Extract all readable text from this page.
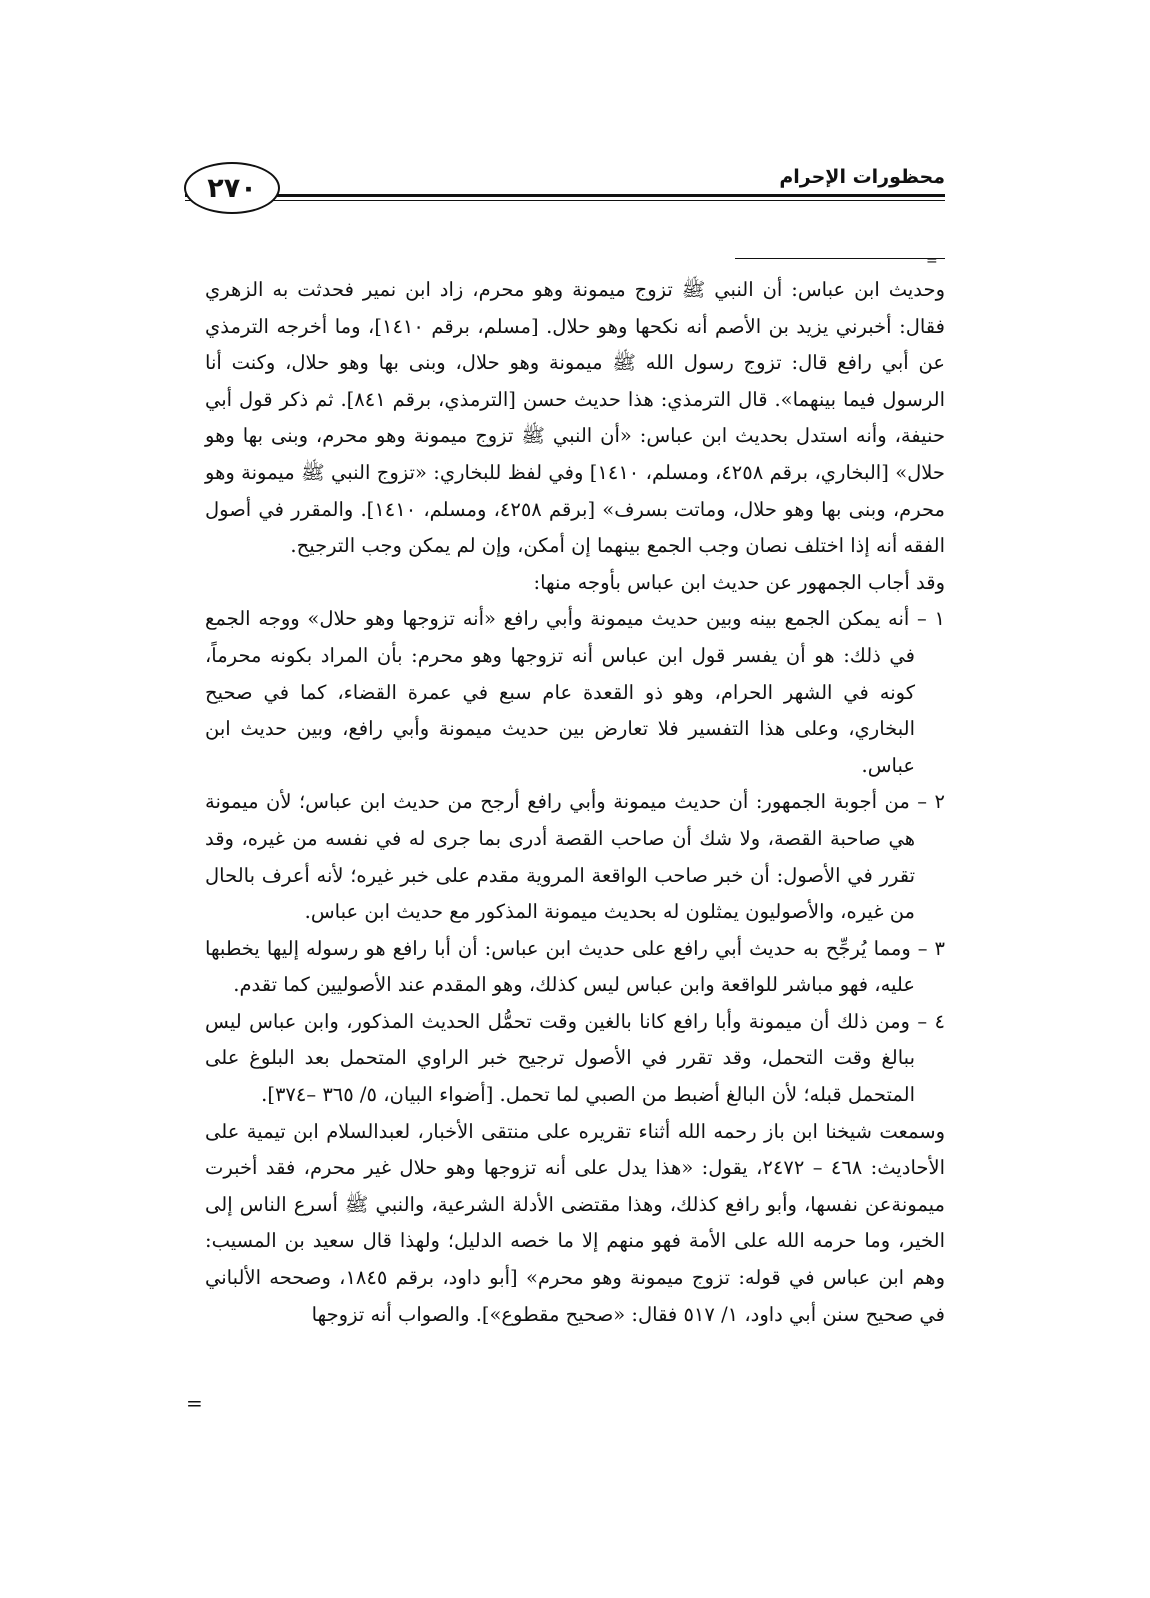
محظورات الإحرام
٢٧٠
=

وحديث ابن عباس: أن النبي ﷺ تزوج ميمونة وهو محرم، زاد ابن نمير فحدثت به الزهري فقال: أخبرني يزيد بن الأصم أنه نكحها وهو حلال. [مسلم، برقم ١٤١٠]، وما أخرجه الترمذي عن أبي رافع قال: تزوج رسول الله ﷺ ميمونة وهو حلال، وبنى بها وهو حلال، وكنت أنا الرسول فيما بينهما». قال الترمذي: هذا حديث حسن [الترمذي، برقم ٨٤١]. ثم ذكر قول أبي حنيفة، وأنه استدل بحديث ابن عباس: «أن النبي ﷺ تزوج ميمونة وهو محرم، وبنى بها وهو حلال» [البخاري، برقم ٤٢٥٨، ومسلم، ١٤١٠] وفي لفظ للبخاري: «تزوج النبي ﷺ ميمونة وهو محرم، وبنى بها وهو حلال، وماتت بسرف» [برقم ٤٢٥٨، ومسلم، ١٤١٠]. والمقرر في أصول الفقه أنه إذا اختلف نصان وجب الجمع بينهما إن أمكن، وإن لم يمكن وجب الترجيح.

وقد أجاب الجمهور عن حديث ابن عباس بأوجه منها:

١ – أنه يمكن الجمع بينه وبين حديث ميمونة وأبي رافع «أنه تزوجها وهو حلال» ووجه الجمع في ذلك: هو أن يفسر قول ابن عباس أنه تزوجها وهو محرم: بأن المراد بكونه محرماً، كونه في الشهر الحرام، وهو ذو القعدة عام سبع في عمرة القضاء، كما في صحيح البخاري، وعلى هذا التفسير فلا تعارض بين حديث ميمونة وأبي رافع، وبين حديث ابن عباس.

٢ – من أجوبة الجمهور: أن حديث ميمونة وأبي رافع أرجح من حديث ابن عباس؛ لأن ميمونة هي صاحبة القصة، ولا شك أن صاحب القصة أدرى بما جرى له في نفسه من غيره، وقد تقرر في الأصول: أن خبر صاحب الواقعة المروية مقدم على خبر غيره؛ لأنه أعرف بالحال من غيره، والأصوليون يمثلون له بحديث ميمونة المذكور مع حديث ابن عباس.

٣ – ومما يُرجِّح به حديث أبي رافع على حديث ابن عباس: أن أبا رافع هو رسوله إليها يخطبها عليه، فهو مباشر للواقعة وابن عباس ليس كذلك، وهو المقدم عند الأصوليين كما تقدم.

٤ – ومن ذلك أن ميمونة وأبا رافع كانا بالغين وقت تحمُّل الحديث المذكور، وابن عباس ليس ببالغ وقت التحمل، وقد تقرر في الأصول ترجيح خبر الراوي المتحمل بعد البلوغ على المتحمل قبله؛ لأن البالغ أضبط من الصبي لما تحمل. [أضواء البيان، ٥/ ٣٦٥ –٣٧٤].

وسمعت شيخنا ابن باز رحمه الله أثناء تقريره على منتقى الأخبار، لعبدالسلام ابن تيمية على الأحاديث: ٤٦٨ – ٢٤٧٢، يقول: «هذا يدل على أنه تزوجها وهو حلال غير محرم، فقد أخبرت ميمونةعن نفسها، وأبو رافع كذلك، وهذا مقتضى الأدلة الشرعية، والنبي ﷺ أسرع الناس إلى الخير، وما حرمه الله على الأمة فهو منهم إلا ما خصه الدليل؛ ولهذا قال سعيد بن المسيب: وهم ابن عباس في قوله: تزوج ميمونة وهو محرم» [أبو داود، برقم ١٨٤٥، وصححه الألباني في صحيح سنن أبي داود، ١/ ٥١٧ فقال: «صحيح مقطوع»]. والصواب أنه تزوجها

=
